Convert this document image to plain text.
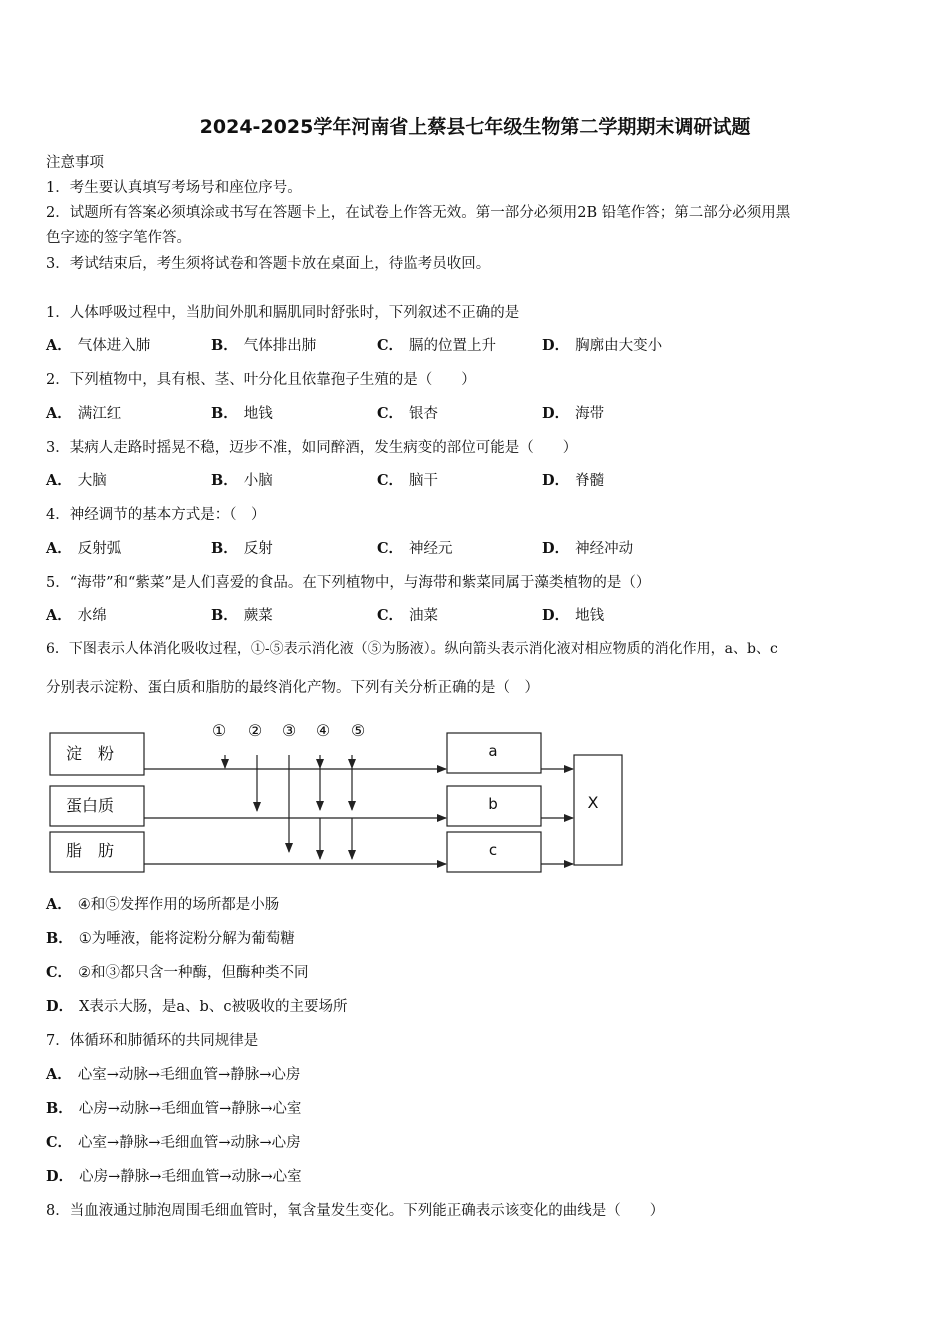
2024-2025学年河南省上蔡县七年级生物第二学期期末调研试题
注意事项
1．考生要认真填写考场号和座位序号。
2．试题所有答案必须填涂或书写在答题卡上，在试卷上作答无效。第一部分必须用2B 铅笔作答；第二部分必须用黑
色字迹的签字笔作答。
3．考试结束后，考生须将试卷和答题卡放在桌面上，待监考员收回。
1．人体呼吸过程中，当肋间外肌和膈肌同时舒张时，下列叙述不正确的是
A． 气体进入肺	B． 气体排出肺	C． 膈的位置上升	D． 胸廓由大变小
2．下列植物中，具有根、茎、叶分化且依靠孢子生殖的是（　　）
A． 满江红	B． 地钱	C． 银杏	D． 海带
3．某病人走路时摇晃不稳，迈步不准，如同醉酒，发生病变的部位可能是（　　）
A． 大脑	B． 小脑	C． 脑干	D． 脊髓
4．神经调节的基本方式是：（　）
A． 反射弧	B． 反射	C． 神经元	D． 神经冲动
5．“海带”和“紫菜”是人们喜爱的食品。在下列植物中，与海带和紫菜同属于藻类植物的是（）
A． 水绵	B． 蕨菜	C． 油菜	D． 地钱
6．下图表示人体消化吸收过程，①-⑤表示消化液（⑤为肠液）。纵向箭头表示消化液对相应物质的消化作用，a、b、c
分别表示淀粉、蛋白质和脂肪的最终消化产物。下列有关分析正确的是（　）
① ② ③ ④ ⑤
淀　粉
蛋白质
脂　肪
a
b
c
X
A． ④和⑤发挥作用的场所都是小肠
B． ①为唾液，能将淀粉分解为葡萄糖
C． ②和③都只含一种酶，但酶种类不同
D． X表示大肠，是a、b、c被吸收的主要场所
7．体循环和肺循环的共同规律是
A． 心室→动脉→毛细血管→静脉→心房
B． 心房→动脉→毛细血管→静脉→心室
C． 心室→静脉→毛细血管→动脉→心房
D． 心房→静脉→毛细血管→动脉→心室
8．当血液通过肺泡周围毛细血管时，氧含量发生变化。下列能正确表示该变化的曲线是（　　）
